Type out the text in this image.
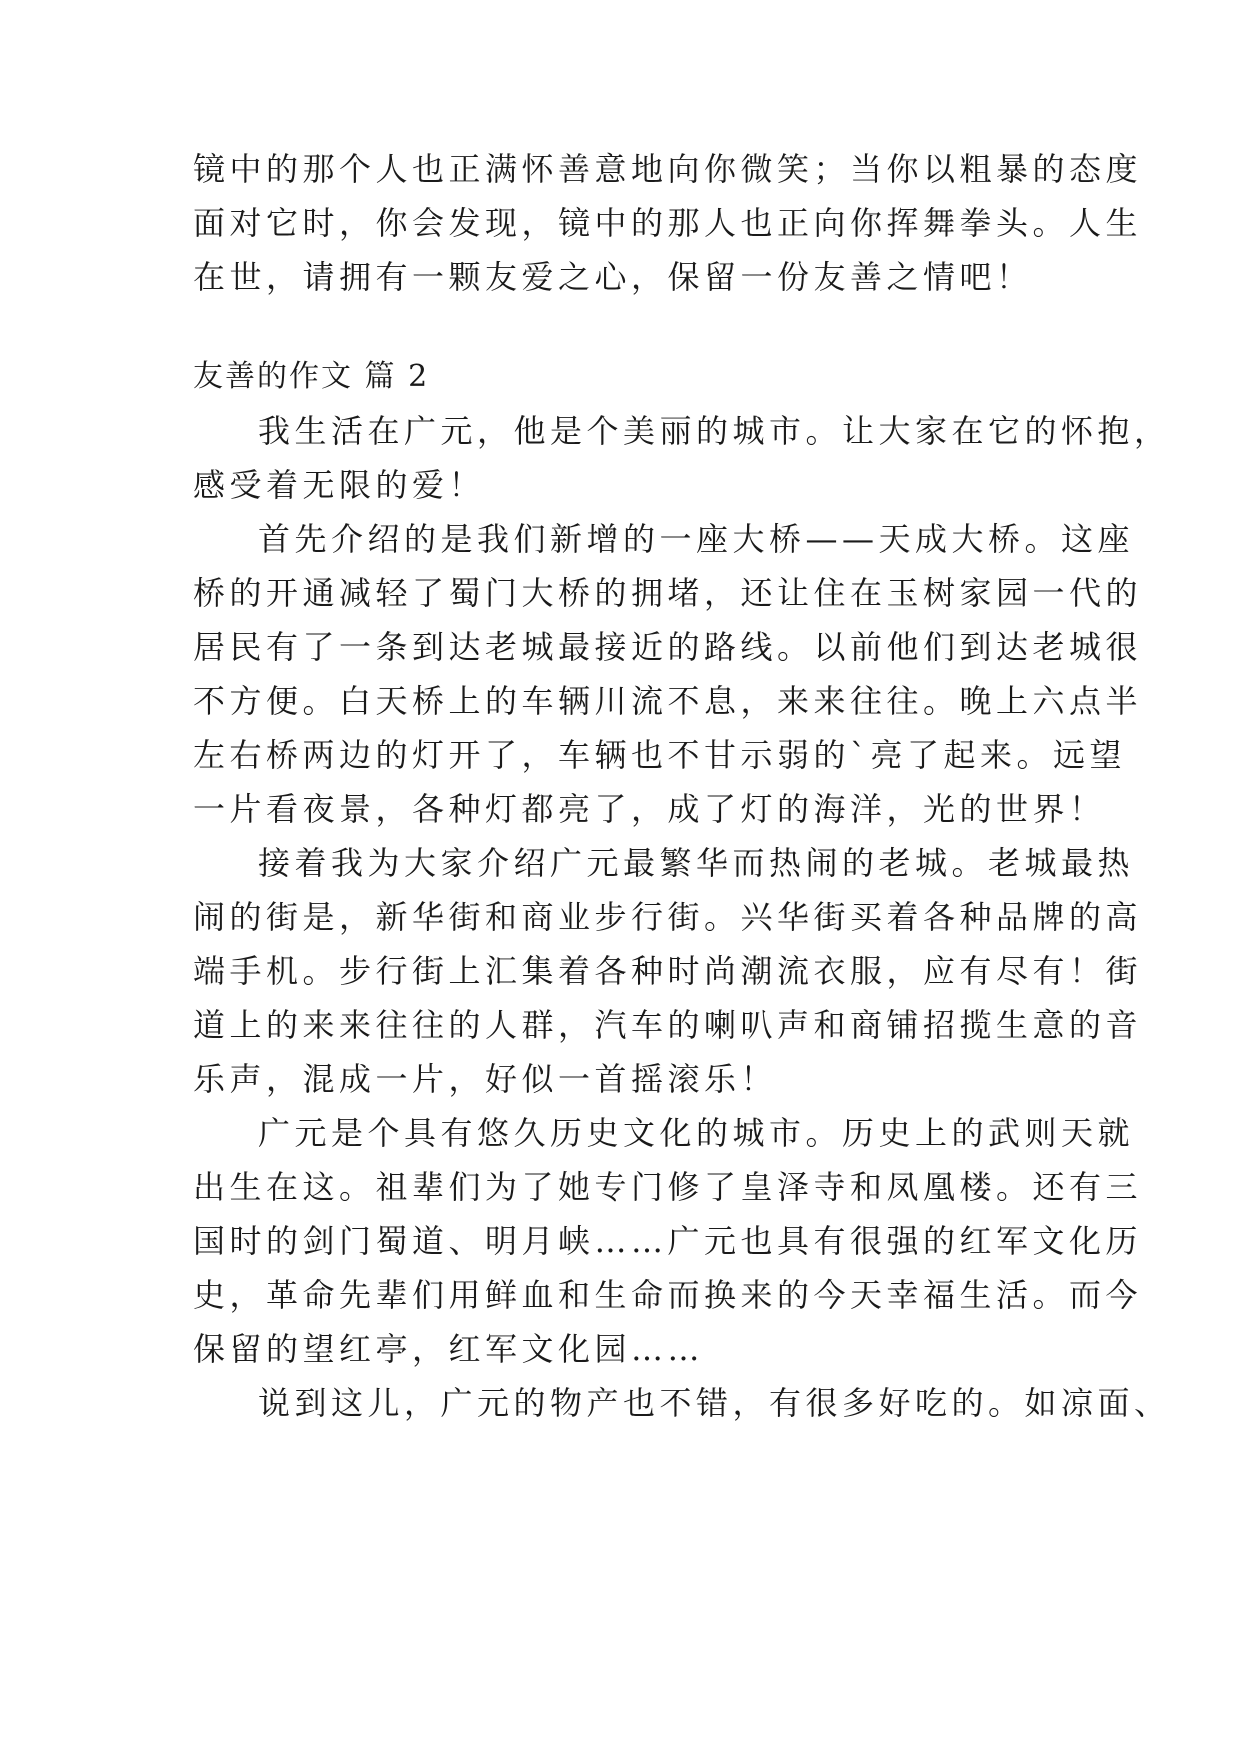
镜中的那个人也正满怀善意地向你微笑；当你以粗暴的态度
面对它时，你会发现，镜中的那人也正向你挥舞拳头。人生
在世，请拥有一颗友爱之心，保留一份友善之情吧！
友善的作文 篇 2
我生活在广元，他是个美丽的城市。让大家在它的怀抱，
感受着无限的爱！
首先介绍的是我们新增的一座大桥——天成大桥。这座
桥的开通减轻了蜀门大桥的拥堵，还让住在玉树家园一代的
居民有了一条到达老城最接近的路线。以前他们到达老城很
不方便。白天桥上的车辆川流不息，来来往往。晚上六点半
左右桥两边的灯开了，车辆也不甘示弱的`亮了起来。远望
一片看夜景，各种灯都亮了，成了灯的海洋，光的世界！
接着我为大家介绍广元最繁华而热闹的老城。老城最热
闹的街是，新华街和商业步行街。兴华街买着各种品牌的高
端手机。步行街上汇集着各种时尚潮流衣服，应有尽有！街
道上的来来往往的人群，汽车的喇叭声和商铺招揽生意的音
乐声，混成一片，好似一首摇滚乐！
广元是个具有悠久历史文化的城市。历史上的武则天就
出生在这。祖辈们为了她专门修了皇泽寺和凤凰楼。还有三
国时的剑门蜀道、明月峡……广元也具有很强的红军文化历
史，革命先辈们用鲜血和生命而换来的今天幸福生活。而今
保留的望红亭，红军文化园……
说到这儿，广元的物产也不错，有很多好吃的。如凉面、
